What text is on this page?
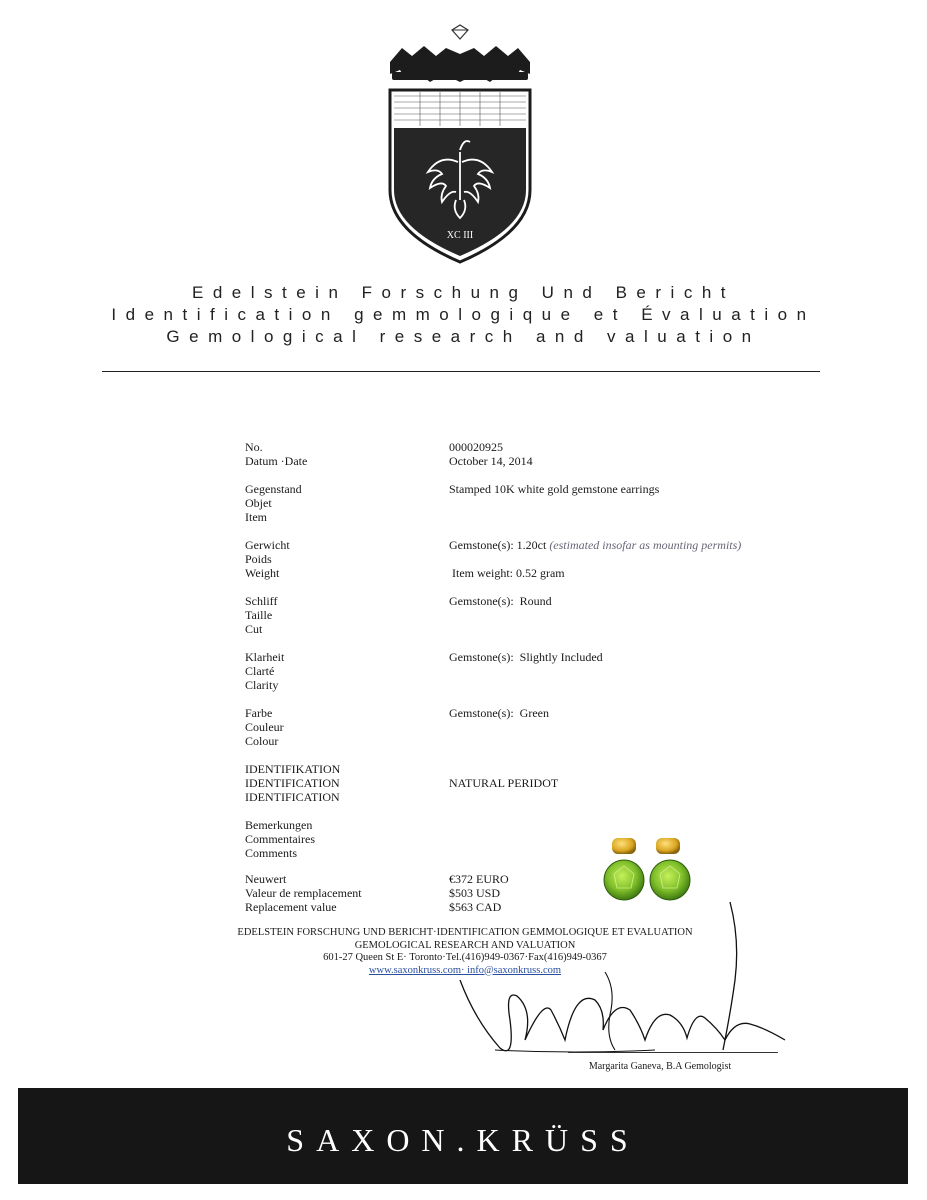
XC III
Edelstein Forschung Und Bericht
Identification gemmologique et Évaluation
Gemological research and valuation
No.
Datum ·Date
000020925
October 14, 2014
Gegenstand
Objet
Item
Stamped 10K white gold gemstone earrings
Gerwicht
Poids
Weight
Gemstone(s): 1.20ct (estimated insofar as mounting permits)
Item weight: 0.52 gram
Schliff
Taille
Cut
Gemstone(s):  Round
Klarheit
Clarté
Clarity
Gemstone(s):  Slightly Included
Farbe
Couleur
Colour
Gemstone(s):  Green
IDENTIFIKATION
IDENTIFICATION
IDENTIFICATION
NATURAL PERIDOT
Bemerkungen
Commentaires
Comments
Neuwert
Valeur de remplacement
Replacement value
€372 EURO
$503 USD
$563 CAD
EDELSTEIN FORSCHUNG UND BERICHT·IDENTIFICATION GEMMOLOGIQUE ET EVALUATION
GEMOLOGICAL RESEARCH AND VALUATION
601-27 Queen St E· Toronto·Tel.(416)949-0367·Fax(416)949-0367
www.saxonkruss.com· info@saxonkruss.com
Margarita Ganeva, B.A Gemologist
SAXON.KRÜSS
